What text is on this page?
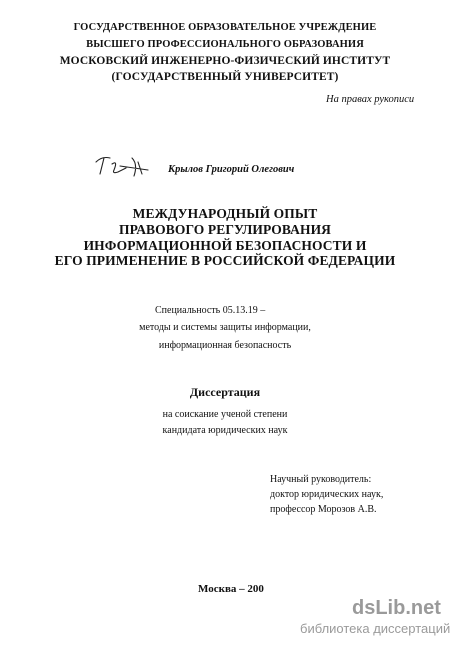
ГОСУДАРСТВЕННОЕ ОБРАЗОВАТЕЛЬНОЕ УЧРЕЖДЕНИЕ
ВЫСШЕГО ПРОФЕССИОНАЛЬНОГО ОБРАЗОВАНИЯ
МОСКОВСКИЙ ИНЖЕНЕРНО-ФИЗИЧЕСКИЙ ИНСТИТУТ
(ГОСУДАРСТВЕННЫЙ УНИВЕРСИТЕТ)
На правах рукописи
Крылов Григорий Олегович
МЕЖДУНАРОДНЫЙ ОПЫТ
ПРАВОВОГО РЕГУЛИРОВАНИЯ
ИНФОРМАЦИОННОЙ БЕЗОПАСНОСТИ И
ЕГО ПРИМЕНЕНИЕ В РОССИЙСКОЙ ФЕДЕРАЦИИ
Специальность 05.13.19 –
методы и системы защиты информации,
информационная безопасность
Диссертация
на соискание ученой степени
кандидата юридических наук
Научный руководитель:
доктор юридических наук,
профессор Морозов А.В.
Москва – 200
dsLib.net
библиотека диссертаций
